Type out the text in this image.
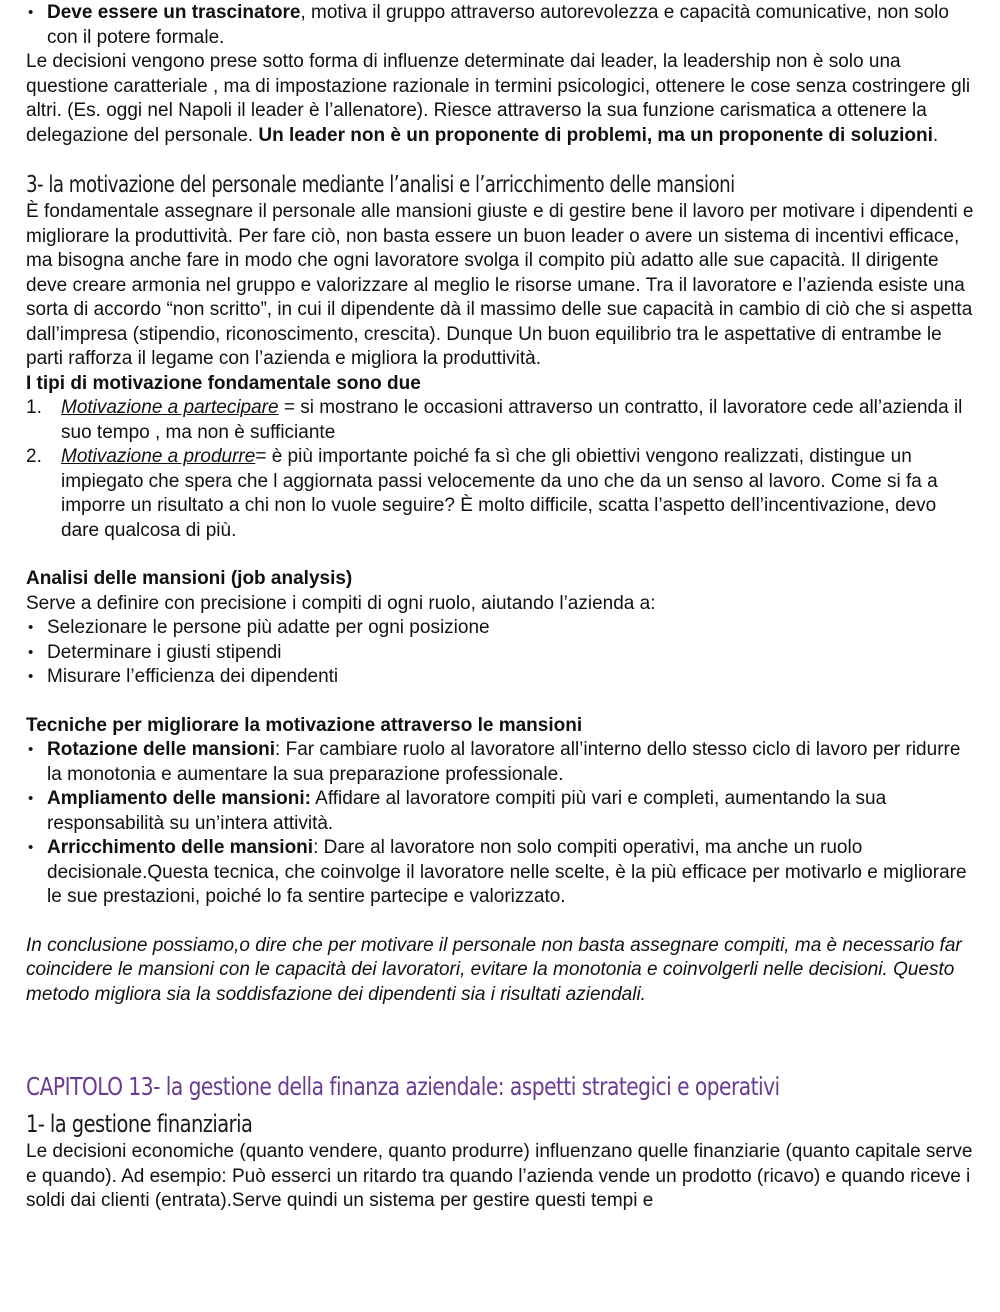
• Deve essere un trascinatore, motiva il gruppo attraverso autorevolezza e capacità comunicative, non solo con il potere formale.

Le decisioni vengono prese sotto forma di influenze determinate dai leader, la leadership non è solo una questione caratteriale , ma di impostazione razionale in termini psicologici, ottenere le cose senza costringere gli altri. (Es. oggi nel Napoli il leader è l’allenatore). Riesce attraverso la sua funzione carismatica a ottenere la delegazione del personale. Un leader non è un proponente di problemi, ma un proponente di soluzioni.

3- la motivazione del personale mediante l’analisi e l’arricchimento delle mansioni

È fondamentale assegnare il personale alle mansioni giuste e di gestire bene il lavoro per motivare i dipendenti e migliorare la produttività. Per fare ciò, non basta essere un buon leader o avere un sistema di incentivi efficace, ma bisogna anche fare in modo che ogni lavoratore svolga il compito più adatto alle sue capacità. Il dirigente deve creare armonia nel gruppo e valorizzare al meglio le risorse umane. Tra il lavoratore e l’azienda esiste una sorta di accordo “non scritto”, in cui il dipendente dà il massimo delle sue capacità in cambio di ciò che si aspetta dall’impresa (stipendio, riconoscimento, crescita). Dunque Un buon equilibrio tra le aspettative di entrambe le parti rafforza il legame con l’azienda e migliora la produttività.

I tipi di motivazione fondamentale sono due

1. Motivazione a partecipare = si mostrano le occasioni attraverso un contratto, il lavoratore cede all’azienda il suo tempo , ma non è sufficiante
2. Motivazione a produrre= è più importante poiché fa sì che gli obiettivi vengono realizzati, distingue un impiegato che spera che l aggiornata passi velocemente da uno che da un senso al lavoro. Come si fa a imporre un risultato a chi non lo vuole seguire? È molto difficile, scatta l’aspetto dell’incentivazione, devo dare qualcosa di più.

Analisi delle mansioni (job analysis)

Serve a definire con precisione i compiti di ogni ruolo, aiutando l’azienda a:

• Selezionare le persone più adatte per ogni posizione
• Determinare i giusti stipendi
• Misurare l’efficienza dei dipendenti

Tecniche per migliorare la motivazione attraverso le mansioni

• Rotazione delle mansioni: Far cambiare ruolo al lavoratore all’interno dello stesso ciclo di lavoro per ridurre la monotonia e aumentare la sua preparazione professionale.
• Ampliamento delle mansioni: Affidare al lavoratore compiti più vari e completi, aumentando la sua responsabilità su un’intera attività.
• Arricchimento delle mansioni: Dare al lavoratore non solo compiti operativi, ma anche un ruolo decisionale.Questa tecnica, che coinvolge il lavoratore nelle scelte, è la più efficace per motivarlo e migliorare le sue prestazioni, poiché lo fa sentire partecipe e valorizzato.

In conclusione possiamo,o dire che per motivare il personale non basta assegnare compiti, ma è necessario far coincidere le mansioni con le capacità dei lavoratori, evitare la monotonia e coinvolgerli nelle decisioni. Questo metodo migliora sia la soddisfazione dei dipendenti sia i risultati aziendali.

CAPITOLO 13- la gestione della finanza aziendale: aspetti strategici e operativi
1- la gestione finanziaria

Le decisioni economiche (quanto vendere, quanto produrre) influenzano quelle finanziarie (quanto capitale serve e quando). Ad esempio: Può esserci un ritardo tra quando l’azienda vende un prodotto (ricavo) e quando riceve i soldi dai clienti (entrata).Serve quindi un sistema per gestire questi tempi e
